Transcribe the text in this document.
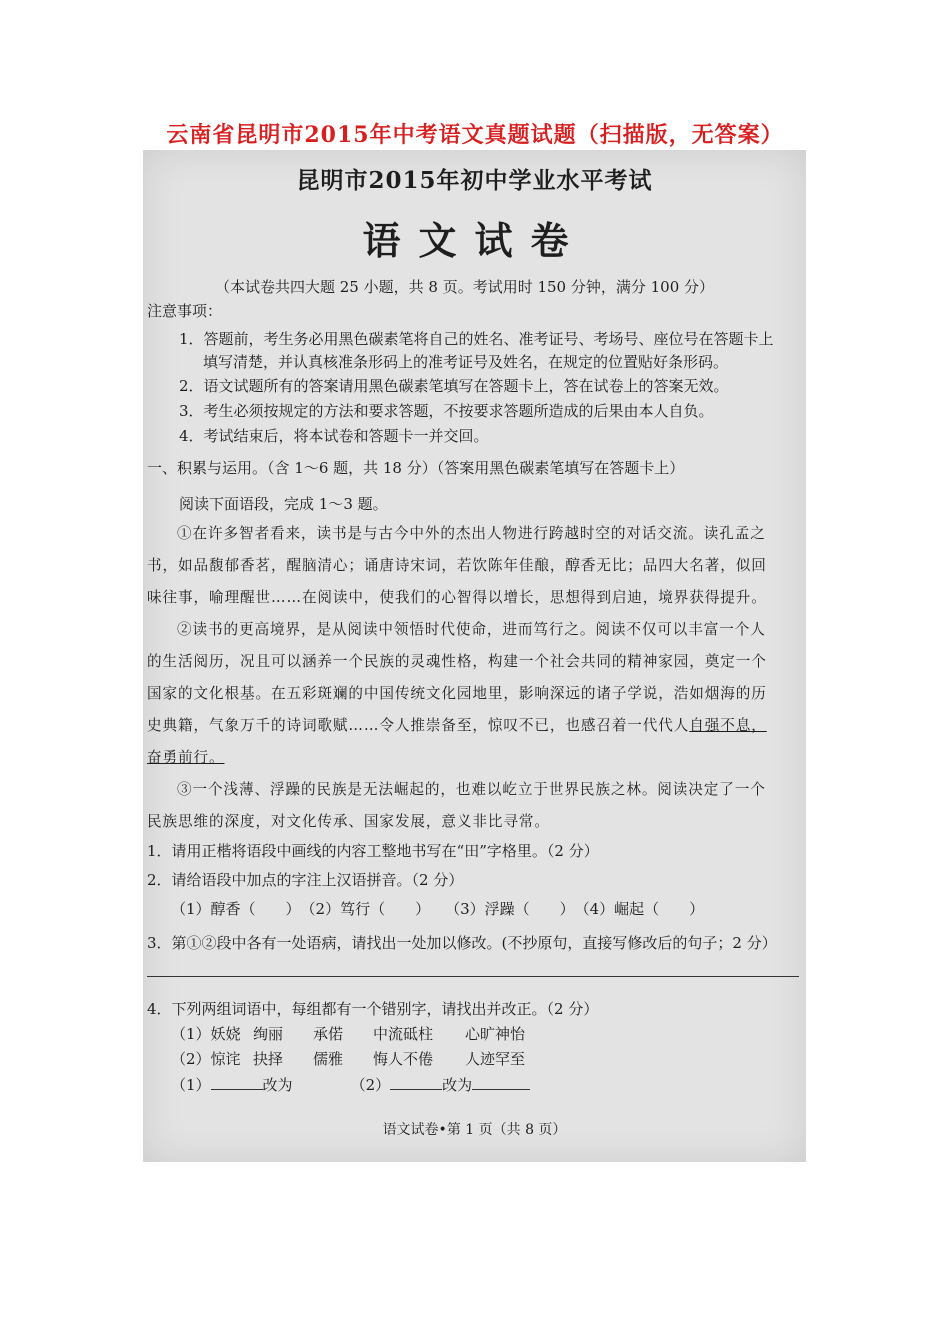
云南省昆明市2015年中考语文真题试题（扫描版，无答案）
昆明市2015年初中学业水平考试
语文试卷
（本试卷共四大题 25 小题，共 8 页。考试用时 150 分钟，满分 100 分）
注意事项：
1．答题前，考生务必用黑色碳素笔将自己的姓名、准考证号、考场号、座位号在答题卡上
填写清楚，并认真核准条形码上的准考证号及姓名，在规定的位置贴好条形码。
2．语文试题所有的答案请用黑色碳素笔填写在答题卡上，答在试卷上的答案无效。
3．考生必须按规定的方法和要求答题，不按要求答题所造成的后果由本人自负。
4．考试结束后，将本试卷和答题卡一并交回。
一、积累与运用。（含 1～6 题，共 18 分）（答案用黑色碳素笔填写在答题卡上）
阅读下面语段，完成 1～3 题。
①在许多智者看来，读书是与古今中外的杰出人物进行跨越时空的对话交流。读孔孟之
书，如品馥郁香茗，醒脑清心；诵唐诗宋词，若饮陈年佳酿，醇香无比；品四大名著，似回
味往事，喻理醒世……在阅读中，使我们的心智得以增长，思想得到启迪，境界获得提升。
②读书的更高境界，是从阅读中领悟时代使命，进而笃行之。阅读不仅可以丰富一个人
的生活阅历，况且可以涵养一个民族的灵魂性格，构建一个社会共同的精神家园，奠定一个
国家的文化根基。在五彩斑斓的中国传统文化园地里，影响深远的诸子学说，浩如烟海的历
史典籍，气象万千的诗词歌赋……令人推崇备至，惊叹不已，也感召着一代代人自强不息，
奋勇前行。
③一个浅薄、浮躁的民族是无法崛起的，也难以屹立于世界民族之林。阅读决定了一个
民族思维的深度，对文化传承、国家发展，意义非比寻常。
1．请用正楷将语段中画线的内容工整地书写在“田”字格里。（2 分）
2．请给语段中加点的字注上汉语拼音。（2 分）
（1）醇香（　　）　（2）笃行（　　）　　（3）浮躁（　　）　（4）崛起（　　）
3．第①②段中各有一处语病，请找出一处加以修改。(不抄原句，直接写修改后的句子；2 分）
4．下列两组词语中，每组都有一个错别字，请找出并改正。（2 分）
（1）妖娆 绚丽 承偌 中流砥柱 心旷神怡
（2）惊诧 抉择 儒雅 悔人不倦 人迹罕至
（1）	改为	（2）	改为
语文试卷•第 1 页（共 8 页）
